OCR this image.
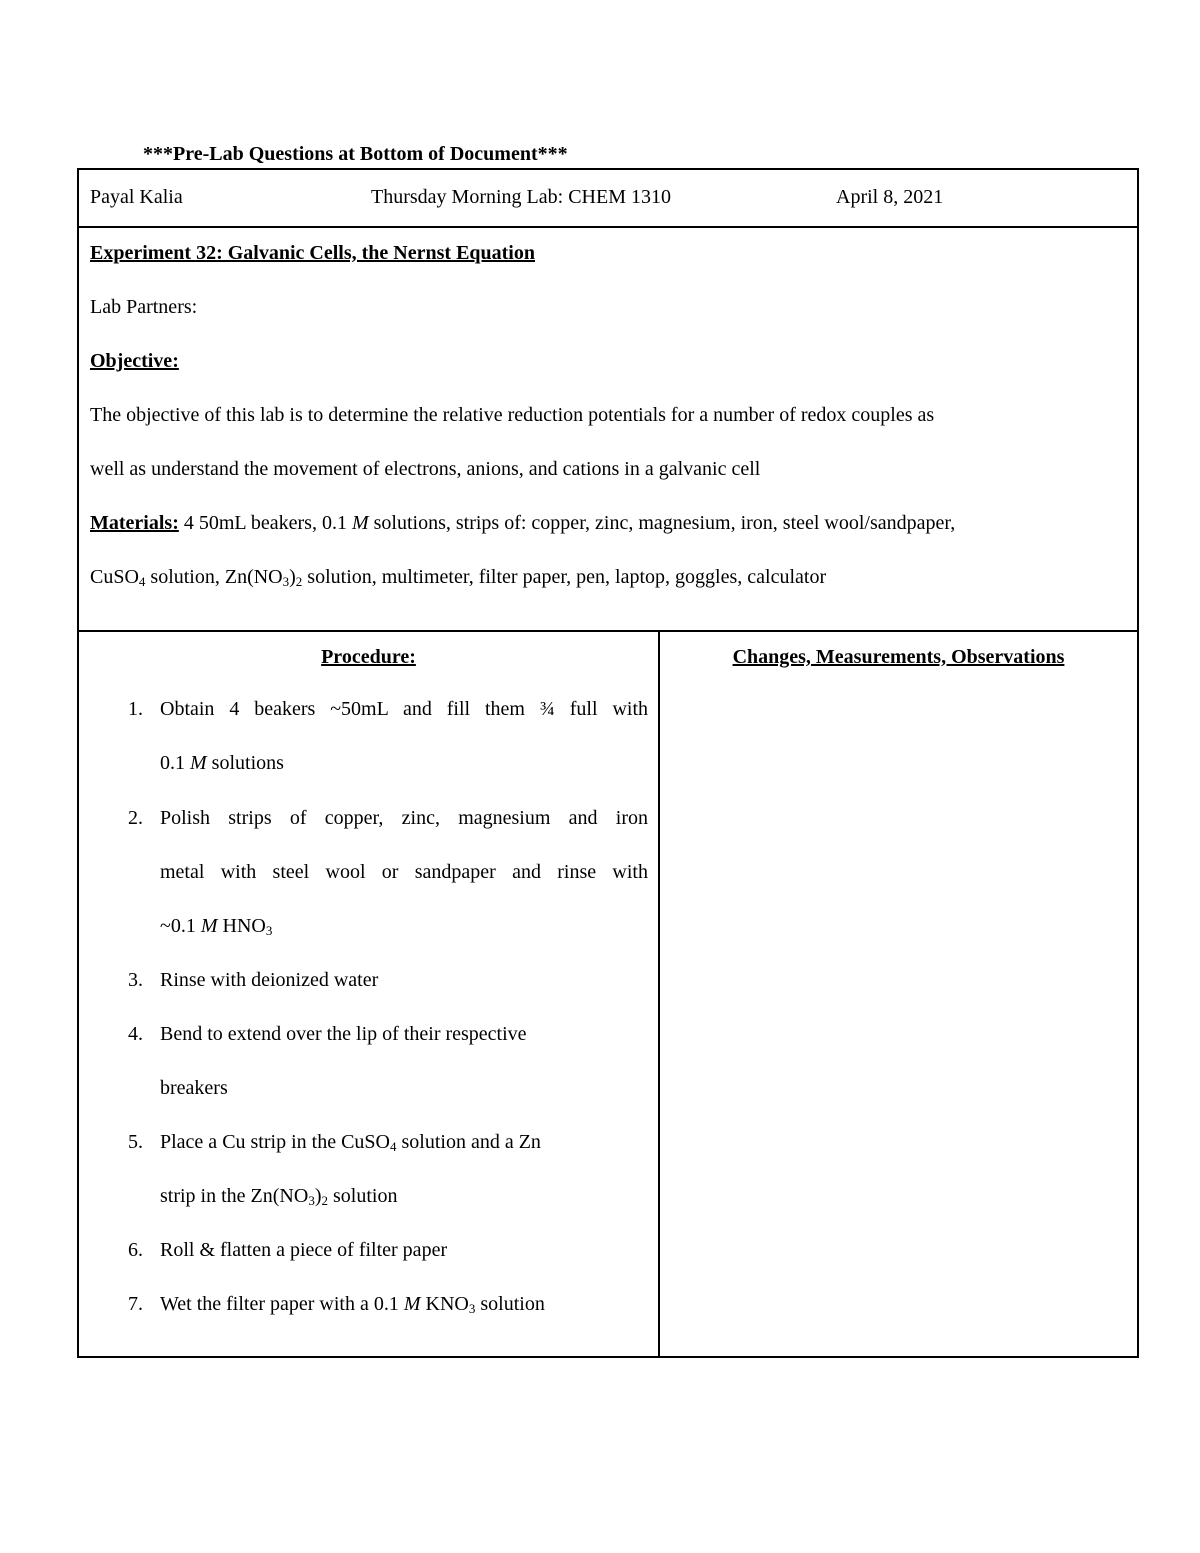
***Pre-Lab Questions at Bottom of Document***
Payal Kalia	Thursday Morning Lab: CHEM 1310	April 8, 2021
Experiment 32: Galvanic Cells, the Nernst Equation
Lab Partners:
Objective:
The objective of this lab is to determine the relative reduction potentials for a number of redox couples as
well as understand the movement of electrons, anions, and cations in a galvanic cell
Materials: 4 50mL beakers, 0.1 M solutions, strips of: copper, zinc, magnesium, iron, steel wool/sandpaper,
CuSO$_4$ solution, $Zn(NO_3)_2$ solution, multimeter, filter paper, pen, laptop, goggles, calculator
Procedure:
1. Obtain 4 beakers ~50mL and fill them ¾ full with
0.1 M solutions
2. Polish strips of copper, zinc, magnesium and iron
metal with steel wool or sandpaper and rinse with
~0.1 M $HNO_3$
3. Rinse with deionized water
4. Bend to extend over the lip of their respective
breakers
5. Place a Cu strip in the CuSO$_4$ solution and a Zn
strip in the $Zn(NO_3)_2$ solution
6. Roll & flatten a piece of filter paper
7. Wet the filter paper with a 0.1 M $KNO_3$ solution
Changes, Measurements, Observations
